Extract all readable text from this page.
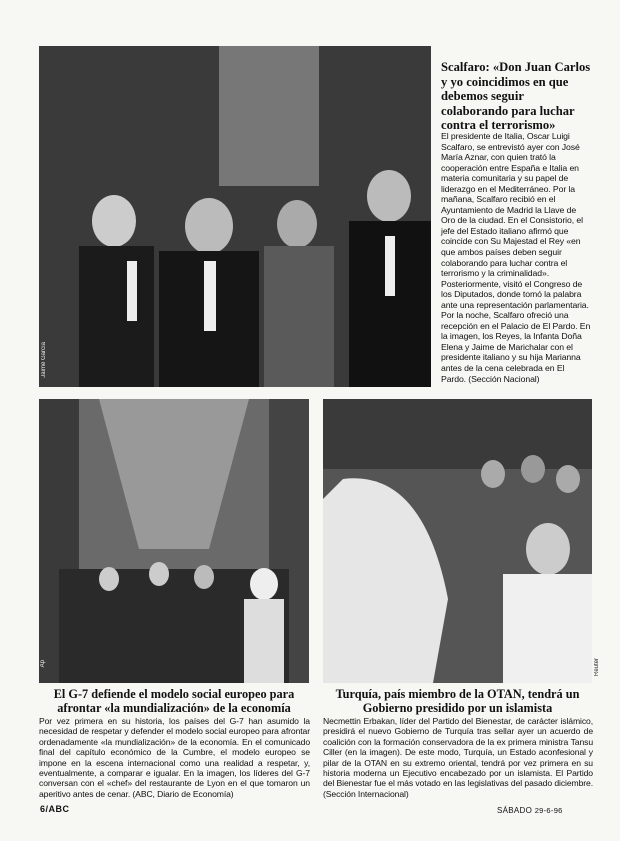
Jaime García
Scalfaro: «Don Juan Carlos y yo coincidimos en que debemos seguir colaborando para luchar contra el terrorismo»

El presidente de Italia, Oscar Luigi Scalfaro, se entrevistó ayer con José María Aznar, con quien trató la cooperación entre España e Italia en materia comunitaria y su papel de liderazgo en el Mediterráneo. Por la mañana, Scalfaro recibió en el Ayuntamiento de Madrid la Llave de Oro de la ciudad. En el Consistorio, el jefe del Estado italiano afirmó que coincide con Su Majestad el Rey «en que ambos países deben seguir colaborando para luchar contra el terrorismo y la criminalidad». Posteriormente, visitó el Congreso de los Diputados, donde tomó la palabra ante una representación parlamentaria. Por la noche, Scalfaro ofreció una recepción en el Palacio de El Pardo. En la imagen, los Reyes, la Infanta Doña Elena y Jaime de Marichalar con el presidente italiano y su hija Marianna antes de la cena celebrada en El Pardo. (Sección Nacional)

Ap	Reuter
El G-7 defiende el modelo social europeo para afrontar «la mundialización» de la economía

Por vez primera en su historia, los países del G-7 han asumido la necesidad de respetar y defender el modelo social europeo para afrontar ordenadamente «la mundialización» de la economía. En el comunicado final del capítulo económico de la Cumbre, el modelo europeo se impone en la escena internacional como una realidad a respetar, y, eventualmente, a comparar e igualar. En la imagen, los líderes del G-7 conversan con el «chef» del restaurante de Lyon en el que tomaron un aperitivo antes de cenar. (ABC, Diario de Economía)

Turquía, país miembro de la OTAN, tendrá un Gobierno presidido por un islamista

Necmettin Erbakan, líder del Partido del Bienestar, de carácter islámico, presidirá el nuevo Gobierno de Turquía tras sellar ayer un acuerdo de coalición con la formación conservadora de la ex primera ministra Tansu Ciller (en la imagen). De este modo, Turquía, un Estado aconfesional y pilar de la OTAN en su extremo oriental, tendrá por vez primera en su historia moderna un Ejecutivo encabezado por un islamista. El Partido del Bienestar fue el más votado en las legislativas del pasado diciembre. (Sección Internacional)

6/ABC	SÁBADO 29-6-96
